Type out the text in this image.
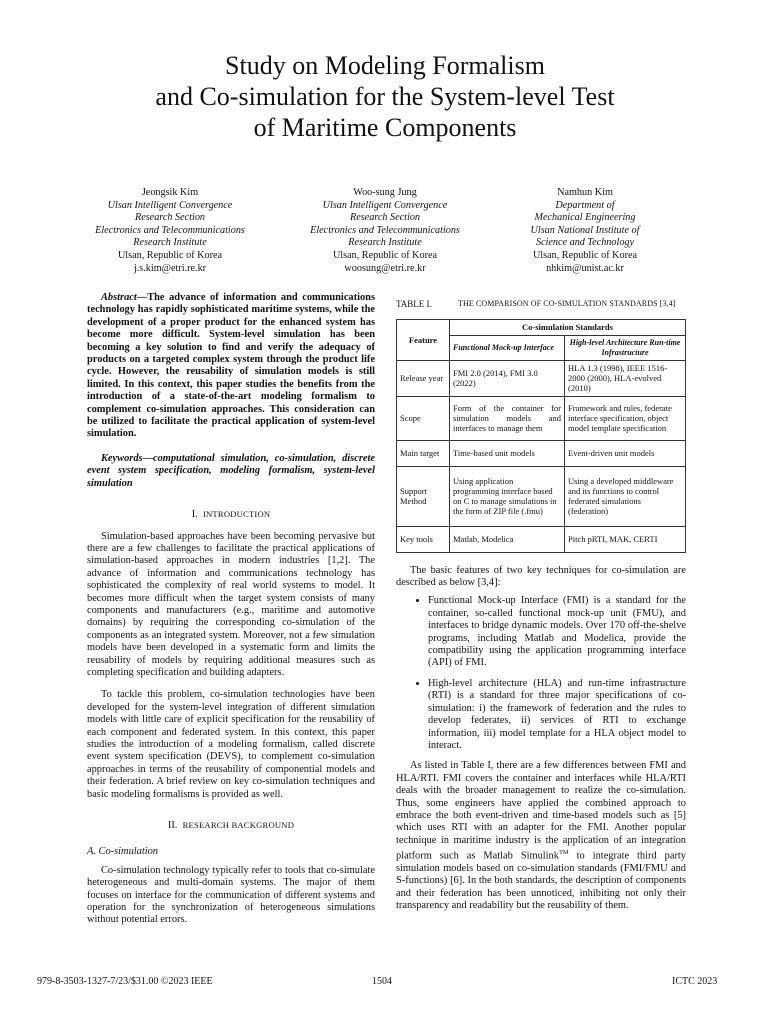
Study on Modeling Formalism
and Co-simulation for the System-level Test
of Maritime Components
Jeongsik Kim
Ulsan Intelligent Convergence
Research Section
Electronics and Telecommunications
Research Institute
Ulsan, Republic of Korea
j.s.kim@etri.re.kr
Woo-sung Jung
Ulsan Intelligent Convergence
Research Section
Electronics and Telecommunications
Research Institute
Ulsan, Republic of Korea
woosung@etri.re.kr
Namhun Kim
Department of
Mechanical Engineering
Ulsan National Institute of
Science and Technology
Ulsan, Republic of Korea
nhkim@unist.ac.kr

Abstract—The advance of information and communications technology has rapidly sophisticated maritime systems, while the development of a proper product for the enhanced system has become more difficult. System-level simulation has been becoming a key solution to find and verify the adequacy of products on a targeted complex system through the product life cycle. However, the reusability of simulation models is still limited. In this context, this paper studies the benefits from the introduction of a state-of-the-art modeling formalism to complement co-simulation approaches. This consideration can be utilized to facilitate the practical application of system-level simulation.

Keywords—computational simulation, co-simulation, discrete event system specification, modeling formalism, system-level simulation

I. INTRODUCTION

Simulation-based approaches have been becoming pervasive but there are a few challenges to facilitate the practical applications of simulation-based approaches in modern industries [1,2]. The advance of information and communications technology has sophisticated the complexity of real world systems to model. It becomes more difficult when the target system consists of many components and manufacturers (e.g., maritime and automotive domains) by requiring the corresponding co-simulation of the components as an integrated system. Moreover, not a few simulation models have been developed in a systematic form and limits the reusability of models by requiring additional measures such as completing specification and building adapters.

To tackle this problem, co-simulation technologies have been developed for the system-level integration of different simulation models with little care of explicit specification for the reusability of each component and federated system. In this context, this paper studies the introduction of a modeling formalism, called discrete event system specification (DEVS), to complement co-simulation approaches in terms of the reusability of componential models and their federation. A brief review on key co-simulation techniques and basic modeling formalisms is provided as well.

II. RESEARCH BACKGROUND
A. Co-simulation

Co-simulation technology typically refer to tools that co-simulate heterogeneous and multi-domain systems. The major of them focuses on interface for the communication of different systems and operation for the synchronization of heterogeneous simulations without potential errors.

TABLE I.	THE COMPARISON OF CO-SIMULATION STANDARDS [3,4]
Feature	Co-simulation Standards	
	Functional Mock-up Interface	High-level Architecture Run-time Infrastructure
Release year	FMI 2.0 (2014), FMI 3.0 (2022)	HLA 1.3 (1998), IEEE 1516-2000 (2000), HLA-evolved (2010)
Scope	Form of the container for simulation models and interfaces to manage them	Framework and rules, federate interface specification, object model template specification
Main target	Time-based unit models	Event-driven unit models
Support Method	Using application programming interface based on C to manage simulations in the form of ZIP file (.fmu)	Using a developed middleware and its functions to control federated simulations (federation)
Key tools	Matlab, Modelica	Pitch pRTI, MAK, CERTI

The basic features of two key techniques for co-simulation are described as below [3,4]:

• Functional Mock-up Interface (FMI) is a standard for the container, so-called functional mock-up unit (FMU), and interfaces to bridge dynamic models. Over 170 off-the-shelve programs, including Matlab and Modelica, provide the compatibility using the application programming interface (API) of FMI.
• High-level architecture (HLA) and run-time infrastructure (RTI) is a standard for three major specifications of co-simulation: i) the framework of federation and the rules to develop federates, ii) services of RTI to exchange information, iii) model template for a HLA object model to interact.

As listed in Table I, there are a few differences between FMI and HLA/RTI. FMI covers the container and interfaces while HLA/RTI deals with the broader management to realize the co-simulation. Thus, some engineers have applied the combined approach to embrace the both event-driven and time-based models such as [5] which uses RTI with an adapter for the FMI. Another popular technique in maritime industry is the application of an integration platform such as Matlab Simulink™ to integrate third party simulation models based on co-simulation standards (FMI/FMU and S-functions) [6]. In the both standards, the description of components and their federation has been unnoticed, inhibiting not only their transparency and readability but the reusability of them.

979-8-3503-1327-7/23/$31.00 ©2023 IEEE	1504	ICTC 2023
